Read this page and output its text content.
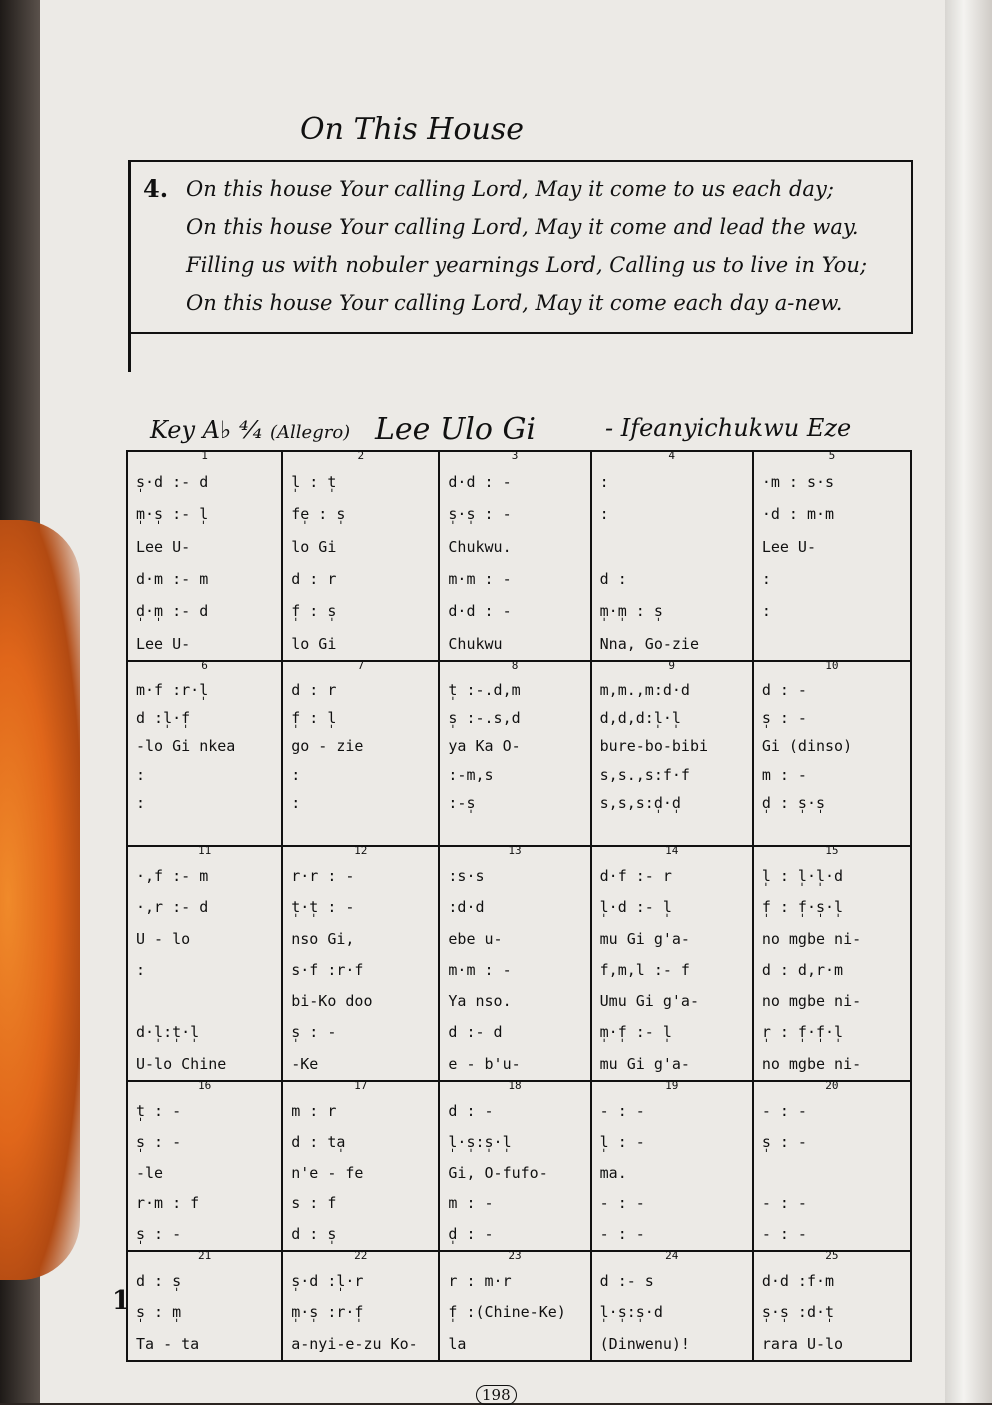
On This House
4. On this house Your calling Lord, May it come to us each day;
On this house Your calling Lord, May it come and lead the way.
Filling us with nobuler yearnings Lord, Calling us to live in You;
On this house Your calling Lord, May it come each day a-new.
Key A♭ ⁴⁄₄ (Allegro) Lee Ulo Gi	- Ifeanyichukwu Eze
1
s̩·d :- d
m̩·s̩ :- l̩
Lee U-
d·m :- m
d̩·m̩ :- d
Lee U-
2
l̩ : t̩
fe̩ : s̩
lo Gi
d : r
f̩ : s̩
lo Gi
3
d·d : -
s̩·s̩ : -
Chukwu.
m·m : -
d·d : -
Chukwu
4
:
:
d :
m̩·m̩ : s̩
Nna, Go-zie
5
·m : s·s
·d : m·m
Lee U-
:
:
6
m·f :r·l̩
d :l̩·f̩
-lo Gi nkea
:
:
7
d : r
f̩ : l̩
go - zie
:
:
8
t̩ :-.d,m
s̩ :-.s,d
ya Ka O-
:-m,s
:-s̩
9
m,m.,m:d·d
d,d,d:l̩·l̩
bure-bo-bibi
s,s.,s:f·f
s,s,s:d̩·d̩
10
d : -
s̩ : -
Gi (dinso)
m : -
d̩ : s̩·s̩
11
·,f :- m
·,r :- d
U - lo
:
d·l̩:t̩·l̩
U-lo Chine
12
r·r : -
t̩·t̩ : -
nso Gi,
s·f :r·f
bi-Ko doo
s̩ : -
-Ke
13
:s·s
:d·d
ebe u-
m·m : -
Ya nso.
d :- d
e - b'u-
14
d·f :- r
l̩·d :- l̩
mu Gi g'a-
f,m,l :- f
Umu Gi g'a-
m̩·f̩ :- l̩
mu Gi g'a-
15
l̩ : l̩·l̩·d
f̩ : f̩·s̩·l̩
no mgbe ni-
d : d,r·m
no mgbe ni-
r̩ : f̩·f̩·l̩
no mgbe ni-
16
t̩ : -
s̩ : -
-le
r·m : f
s̩ : -
17
m : r
d : ta̩
n'e - fe
s : f
d : s̩
18
d : -
l̩·s̩:s̩·l̩
Gi, O-fufo-
m : -
d̩ : -
19
- : -
l̩ : -
ma.
- : -
- : -
20
- : -
s̩ : -
- : -
- : -
21
d : s̩
s̩ : m̩
Ta - ta
22
s̩·d :l̩·r
m̩·s̩ :r·f̩
a-nyi-e-zu Ko-
23
r : m·r
f̩ :(Chine-Ke)
la
24
d :- s
l̩·s̩:s̩·d
(Dinwenu)!
25
d·d :f·m
s̩·s̩ :d·t̩
rara U-lo
1
198
